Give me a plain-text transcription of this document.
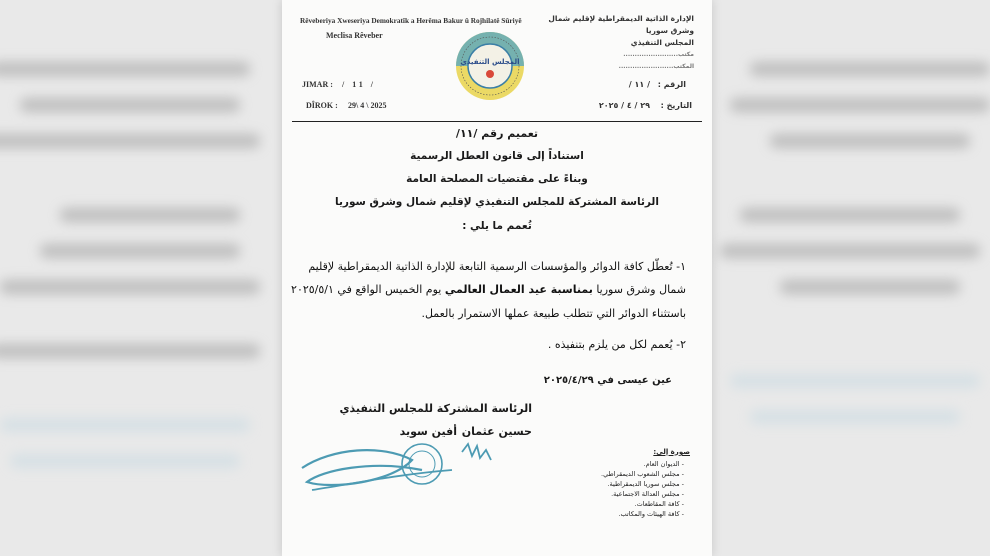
Rêveberiya Xweseriya Demokratîk a Herêma Bakur û Rojhilatê Sûriyê
Meclisa Rêveber
الإدارة الذاتية الديمقراطية لإقليم شمال وشرق سوريا
المجلس التنفيذي
مكتب........................
المكتب........................
المجلس التنفيذي
JIMAR : / 11 /
DÎROK : 29\ 4 \ 2025
الرقم :
/ ١١ /
التاريخ :
٢٩ / ٤ / ٢٠٢٥
تعميم رقم /١١/
استناداً إلى قانون العطل الرسمية
وبناءً على مقتضيات المصلحة العامة
الرئاسة المشتركة للمجلس التنفيذي لإقليم شمال وشرق سوريا
تُعمم ما يلي :
١- تُعطّل كافة الدوائر والمؤسسات الرسمية التابعة للإدارة الذاتية الديمقراطية لإقليم
شمال وشرق سوريا بمناسبة عيد العمال العالمي يوم الخميس الواقع في ٢٠٢٥/٥/١
باستثناء الدوائر التي تتطلب طبيعة عملها الاستمرار بالعمل.
٢- يُعمم لكل من يلزم بتنفيذه .
عين عيسى في ٢٠٢٥/٤/٢٩
الرئاسة المشتركة للمجلس التنفيذي
أفين سويد حسين عثمان
صورة إلى:
- الديوان العام.
- مجلس الشعوب الديمقراطي.
- مجلس سوريا الديمقراطية.
- مجلس العدالة الاجتماعية.
- كافة المقاطعات.
- كافة الهيئات والمكاتب.
